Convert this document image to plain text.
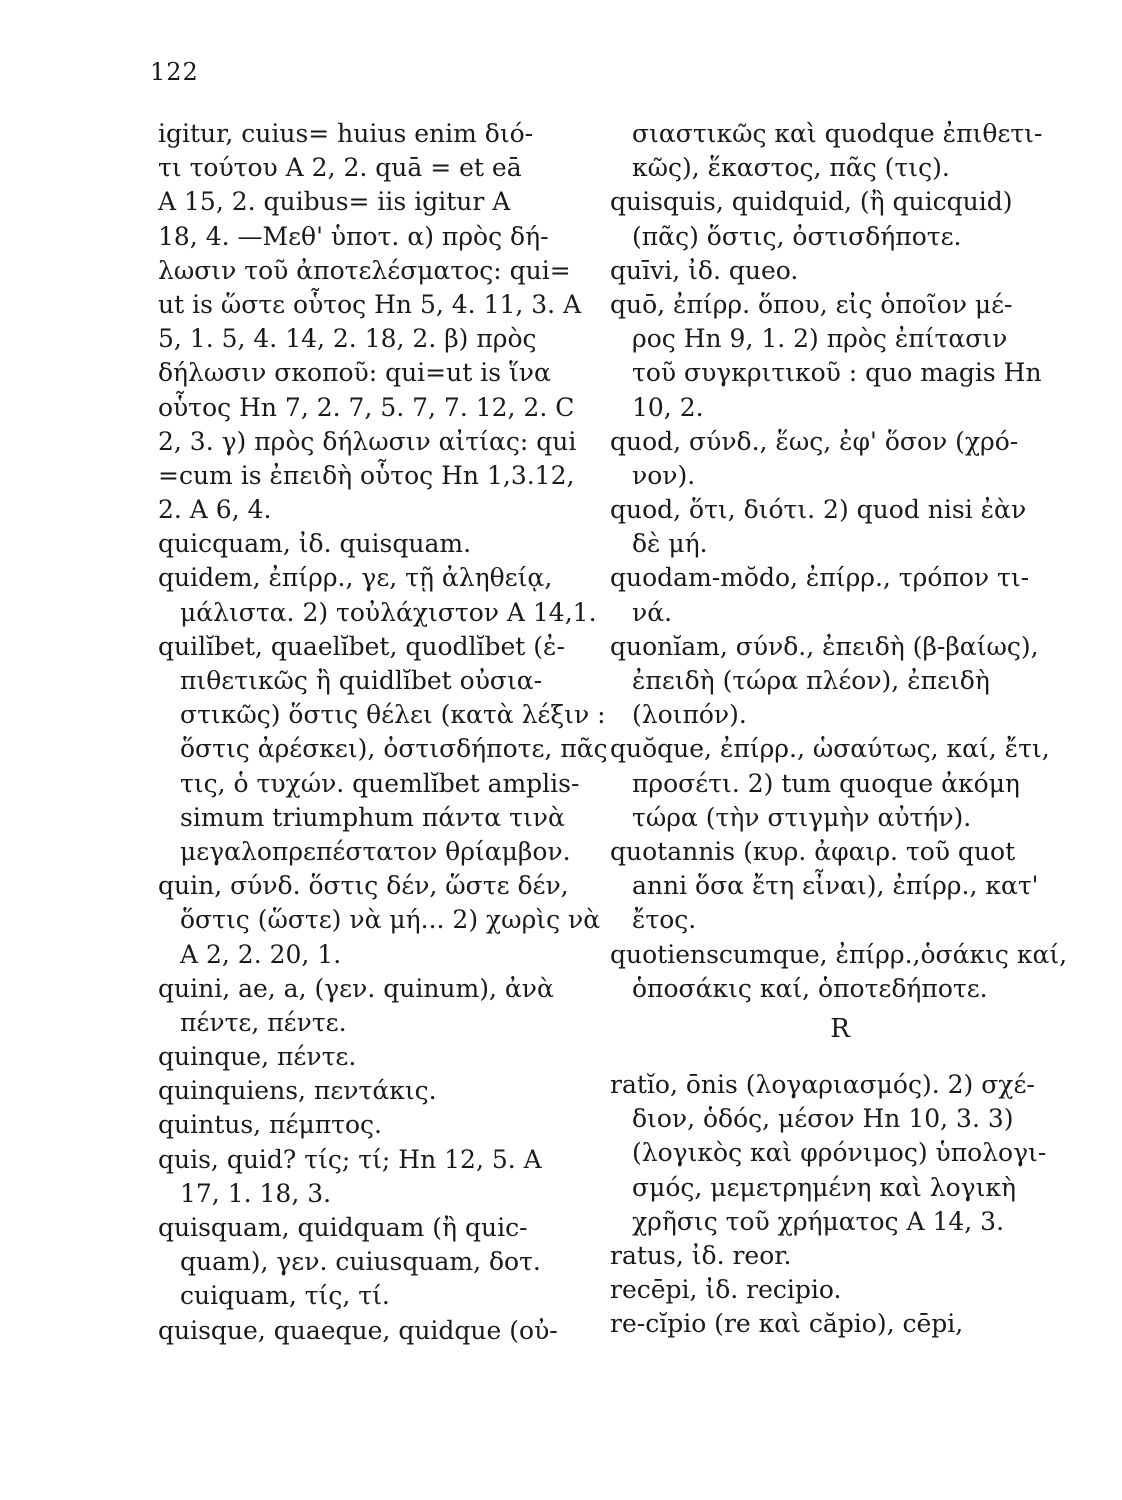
122
igitur, cuius= huius enim διό-
τι τούτου A 2, 2. quā = et eā
A 15, 2. quibus= iis igitur A
18, 4. —Μεθ' ὑποτ. α) πρὸς δή-
λωσιν τοῦ ἀποτελέσματος: qui=
ut is ὥστε οὗτος Hn 5, 4. 11, 3. A
5, 1. 5, 4. 14, 2. 18, 2. β) πρὸς
δήλωσιν σκοποῦ: qui=ut is ἵνα
οὗτος Hn 7, 2. 7, 5. 7, 7. 12, 2. C
2, 3. γ) πρὸς δήλωσιν αἰτίας: qui
=cum is ἐπειδὴ οὗτος Hn 1,3.12,
2. A 6, 4.
quicquam, ἰδ. quisquam.
quidem, ἐπίρρ., γε, τῇ ἀληθείᾳ,
μάλιστα. 2) τοὐλάχιστον A 14,1.
quilĭbet, quaelĭbet, quodlĭbet (ἐ-
πιθετικῶς ἢ quidlĭbet οὐσια-
στικῶς) ὅστις θέλει (κατὰ λέξιν :
ὅστις ἀρέσκει), ὀστισδήποτε, πᾶς
τις, ὁ τυχών. quemlĭbet amplis-
simum triumphum πάντα τινὰ
μεγαλοπρεπέστατον θρίαμβον.
quin, σύνδ. ὅστις δέν, ὥστε δέν,
ὅστις (ὥστε) νὰ μή... 2) χωρὶς νὰ
A 2, 2. 20, 1.
quini, ae, a, (γεν. quinum), ἀνὰ
πέντε, πέντε.
quinque, πέντε.
quinquiens, πεντάκις.
quintus, πέμπτος.
quis, quid? τίς; τί; Hn 12, 5. A
17, 1. 18, 3.
quisquam, quidquam (ἢ quic-
quam), γεν. cuiusquam, δοτ.
cuiquam, τίς, τί.
quisque, quaeque, quidque (οὐ-
σιαστικῶς καὶ quodque ἐπιθετι-
κῶς), ἕκαστος, πᾶς (τις).
quisquis, quidquid, (ἢ quicquid)
(πᾶς) ὅστις, ὀστισδήποτε.
quīvi, ἰδ. queo.
quō, ἐπίρρ. ὅπου, εἰς ὁποῖον μέ-
ρος Hn 9, 1. 2) πρὸς ἐπίτασιν
τοῦ συγκριτικοῦ : quo magis Hn
10, 2.
quod, σύνδ., ἕως, ἐφ' ὅσον (χρό-
νον).
quod, ὅτι, διότι. 2) quod nisi ἐὰν
δὲ μή.
quodam-mŏdo, ἐπίρρ., τρόπον τι-
νά.
quonĭam, σύνδ., ἐπειδὴ (β-βαίως),
ἐπειδὴ (τώρα πλέον), ἐπειδὴ
(λοιπόν).
quŏque, ἐπίρρ., ὡσαύτως, καί, ἔτι,
προσέτι. 2) tum quoque ἀκόμη
τώρα (τὴν στιγμὴν αὐτήν).
quotannis (κυρ. ἀφαιρ. τοῦ quot
anni ὅσα ἔτη εἶναι), ἐπίρρ., κατ'
ἔτος.
quotienscumque, ἐπίρρ.,ὁσάκις καί,
ὁποσάκις καί, ὁποτεδήποτε.
R
ratĭo, ōnis (λογαριασμός). 2) σχέ-
διον, ὁδός, μέσον Hn 10, 3. 3)
(λογικὸς καὶ φρόνιμος) ὑπολογι-
σμός, μεμετρημένη καὶ λογικὴ
χρῆσις τοῦ χρήματος A 14, 3.
ratus, ἰδ. reor.
recēpi, ἰδ. recipio.
re-cĭpio (re καὶ căpio), cēpi,
